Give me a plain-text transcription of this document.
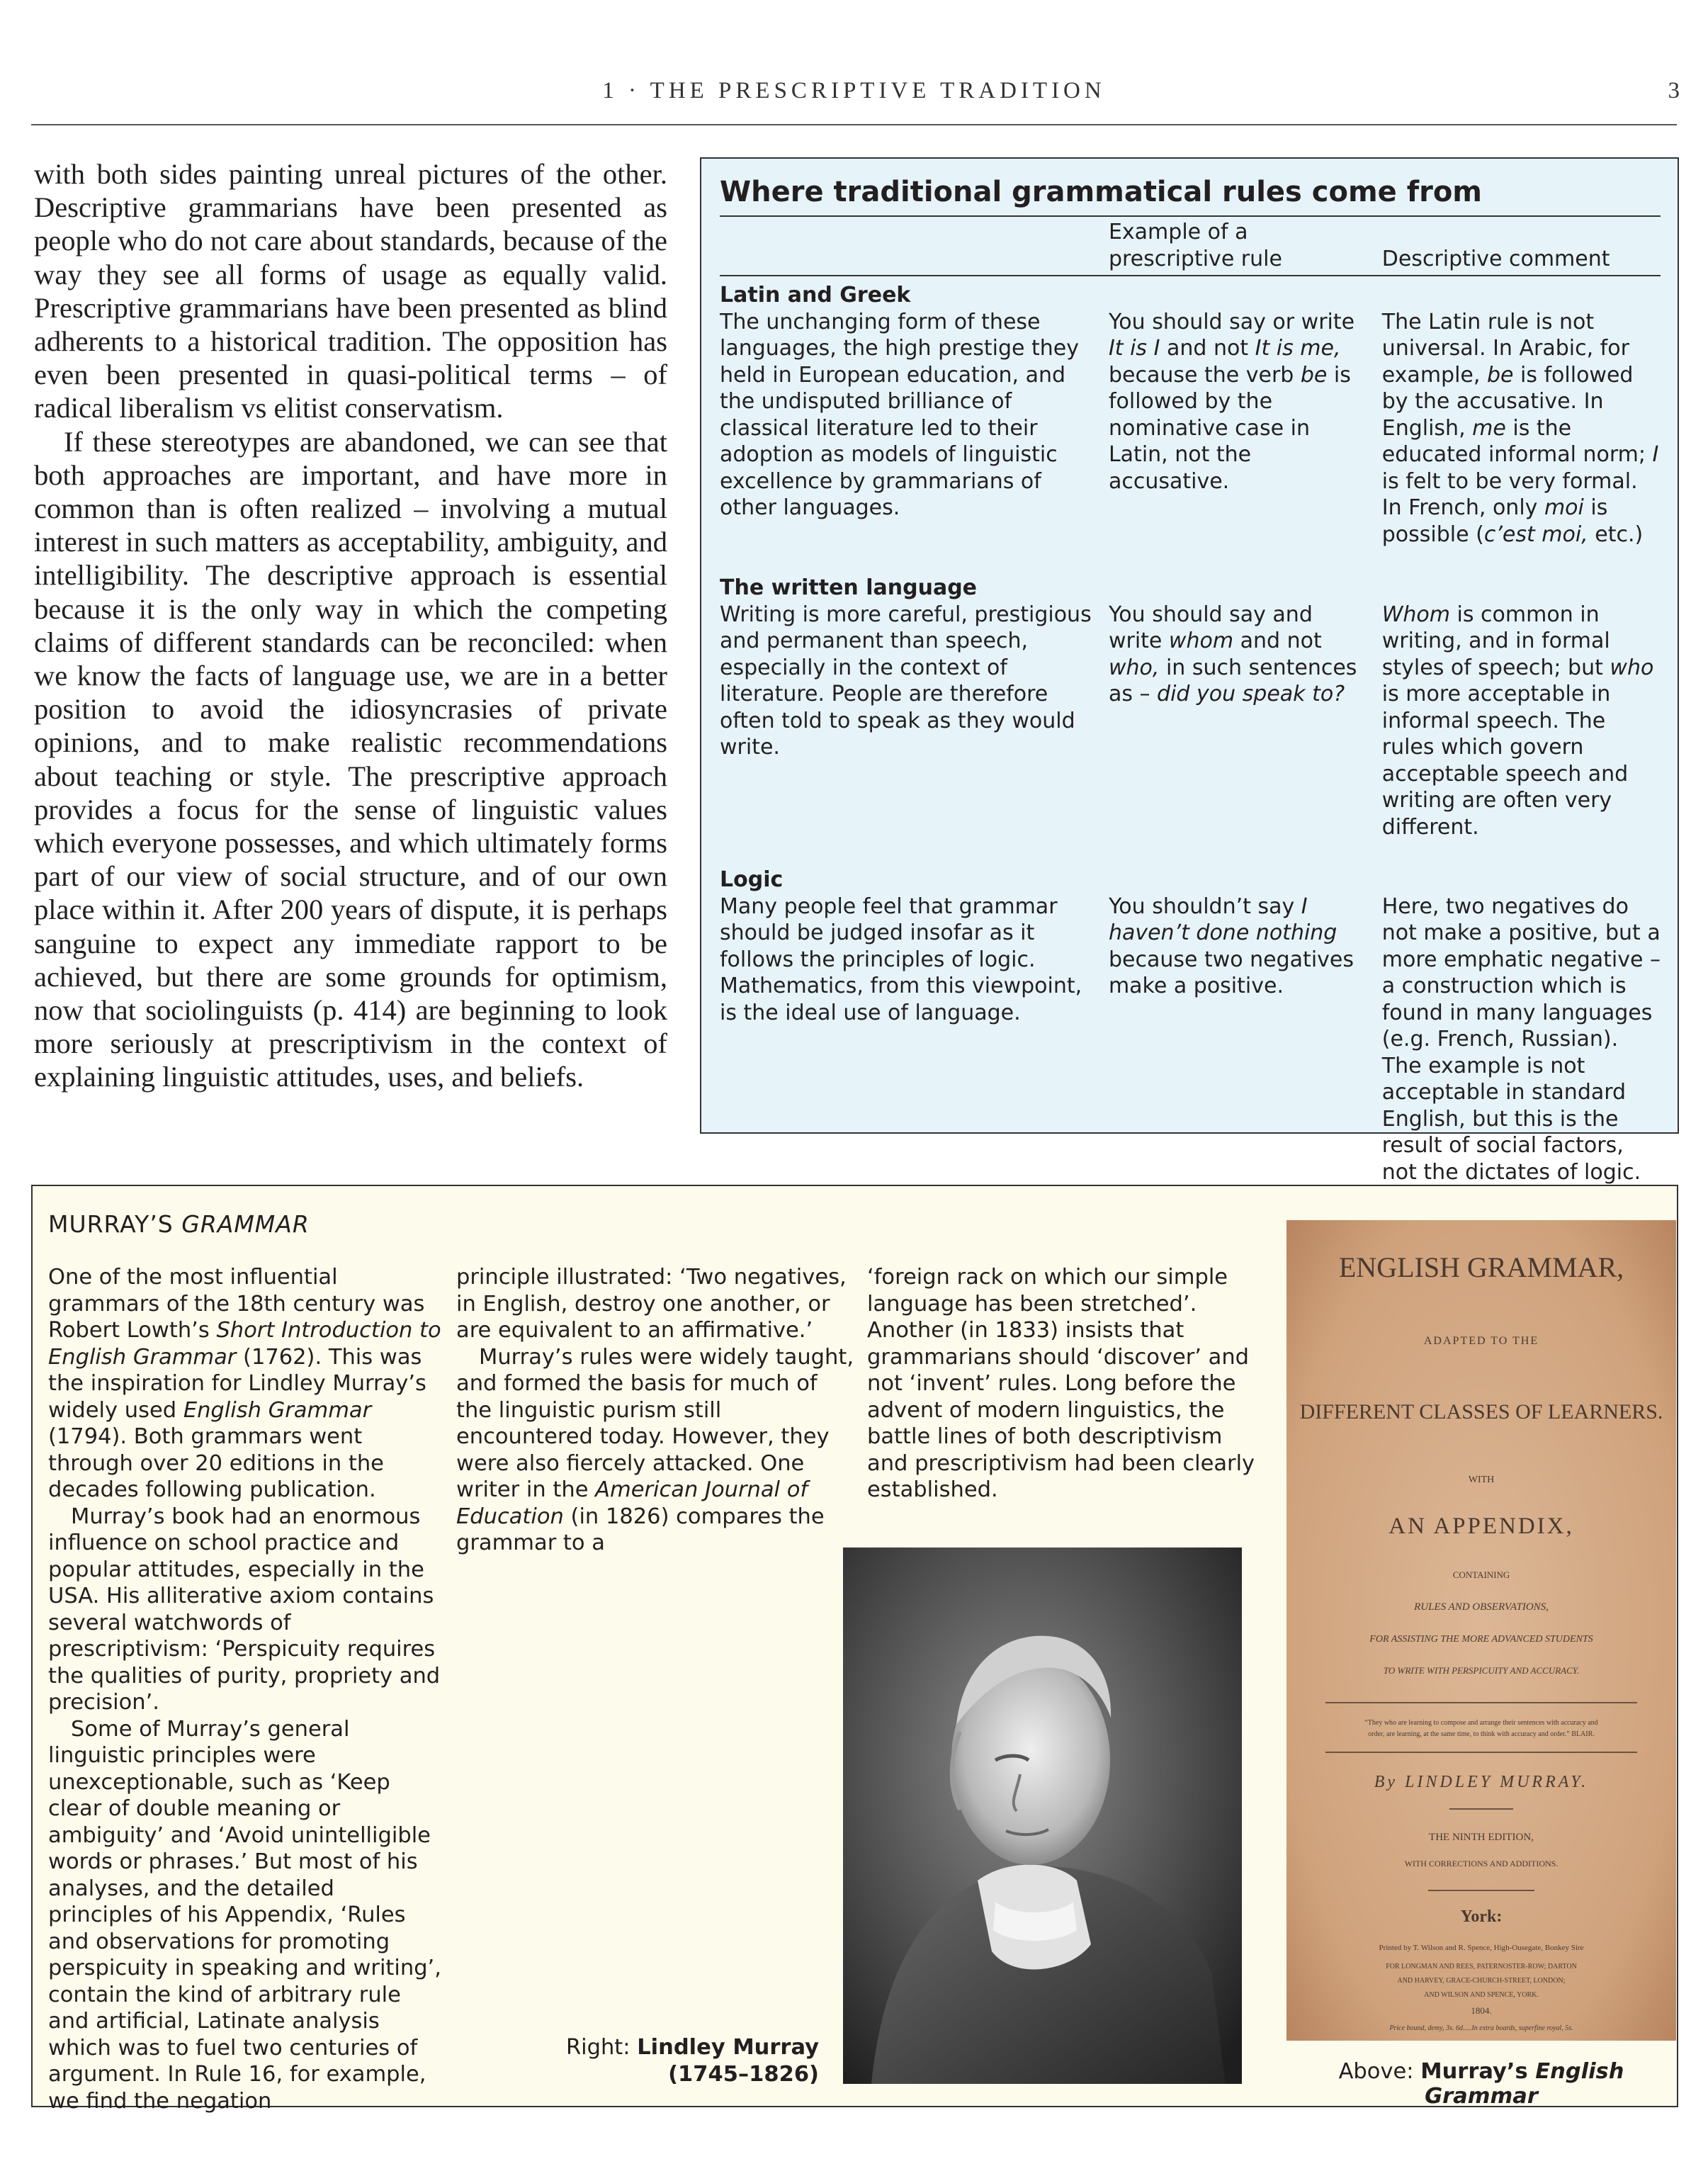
1 · THE PRESCRIPTIVE TRADITION	3

with both sides painting unreal pictures of the other. Descriptive grammarians have been presented as people who do not care about standards, because of the way they see all forms of usage as equally valid. Prescriptive grammarians have been presented as blind adherents to a historical tradition. The opposition has even been presented in quasi-political terms – of radical liberalism vs elitist conservatism.

If these stereotypes are abandoned, we can see that both approaches are important, and have more in common than is often realized – involving a mutual interest in such matters as acceptability, ambiguity, and intelligibility. The descriptive approach is essential because it is the only way in which the competing claims of different standards can be reconciled: when we know the facts of language use, we are in a better position to avoid the idiosyncrasies of private opinions, and to make realistic recommendations about teaching or style. The prescriptive approach provides a focus for the sense of linguistic values which everyone possesses, and which ultimately forms part of our view of social structure, and of our own place within it. After 200 years of dispute, it is perhaps sanguine to expect any immediate rapport to be achieved, but there are some grounds for optimism, now that sociolinguists (p. 414) are beginning to look more seriously at prescriptivism in the context of explaining linguistic attitudes, uses, and beliefs.

Where traditional grammatical rules come from
Example of a prescriptive rule	Descriptive comment
Latin and Greek
The unchanging form of these languages, the high prestige they held in European education, and the undisputed brilliance of classical literature led to their adoption as models of linguistic excellence by grammarians of other languages.
You should say or write It is I and not It is me, because the verb be is followed by the nominative case in Latin, not the accusative.
The Latin rule is not universal. In Arabic, for example, be is followed by the accusative. In English, me is the educated informal norm; I is felt to be very formal. In French, only moi is possible (c’est moi, etc.)
The written language
Writing is more careful, prestigious and permanent than speech, especially in the context of literature. People are therefore often told to speak as they would write.
You should say and write whom and not who, in such sentences as – did you speak to?
Whom is common in writing, and in formal styles of speech; but who is more acceptable in informal speech. The rules which govern acceptable speech and writing are often very different.
Logic
Many people feel that grammar should be judged insofar as it follows the principles of logic. Mathematics, from this viewpoint, is the ideal use of language.
You shouldn’t say I haven’t done nothing because two negatives make a positive.
Here, two negatives do not make a positive, but a more emphatic negative – a construction which is found in many languages (e.g. French, Russian). The example is not acceptable in standard English, but this is the result of social factors, not the dictates of logic.
MURRAY’S GRAMMAR

One of the most influential grammars of the 18th century was Robert Lowth’s Short Introduction to English Grammar (1762). This was the inspiration for Lindley Murray’s widely used English Grammar (1794). Both grammars went through over 20 editions in the decades following publication.

Murray’s book had an enormous influence on school practice and popular attitudes, especially in the USA. His alliterative axiom contains several watchwords of prescriptivism: ‘Perspicuity requires the qualities of purity, propriety and precision’.

Some of Murray’s general linguistic principles were unexceptionable, such as ‘Keep clear of double meaning or ambiguity’ and ‘Avoid unintelligible words or phrases.’ But most of his analyses, and the detailed principles of his Appendix, ‘Rules and observations for promoting perspicuity in speaking and writing’, contain the kind of arbitrary rule and artificial, Latinate analysis which was to fuel two centuries of argument. In Rule 16, for example, we find the negation

principle illustrated: ‘Two negatives, in English, destroy one another, or are equivalent to an affirmative.’

Murray’s rules were widely taught, and formed the basis for much of the linguistic purism still encountered today. However, they were also fiercely attacked. One writer in the American Journal of Education (in 1826) compares the grammar to a

‘foreign rack on which our simple language has been stretched’. Another (in 1833) insists that grammarians should ‘discover’ and not ‘invent’ rules. Long before the advent of modern linguistics, the battle lines of both descriptivism and prescriptivism had been clearly established.

Right: Lindley Murray
(1745–1826)
ENGLISH GRAMMAR,
ADAPTED TO THE
DIFFERENT CLASSES OF LEARNERS.
WITH
AN APPENDIX,
CONTAINING
RULES AND OBSERVATIONS,
FOR ASSISTING THE MORE ADVANCED STUDENTS
TO WRITE WITH PERSPICUITY AND ACCURACY.
“They who are learning to compose and arrange their sentences with accuracy and
order, are learning, at the same time, to think with accuracy and order.” BLAIR.
By LINDLEY MURRAY.
THE NINTH EDITION,
WITH CORRECTIONS AND ADDITIONS.
York:
Printed by T. Wilson and R. Spence, High-Ousegate, Bonkey Sire
FOR LONGMAN AND REES, PATERNOSTER-ROW; DARTON
AND HARVEY, GRACE-CHURCH-STREET, LONDON;
AND WILSON AND SPENCE, YORK.
1804.
Price bound, demy, 3s. 6d.....In extra boards, superfine royal, 5s.
Above: Murray’s English Grammar
